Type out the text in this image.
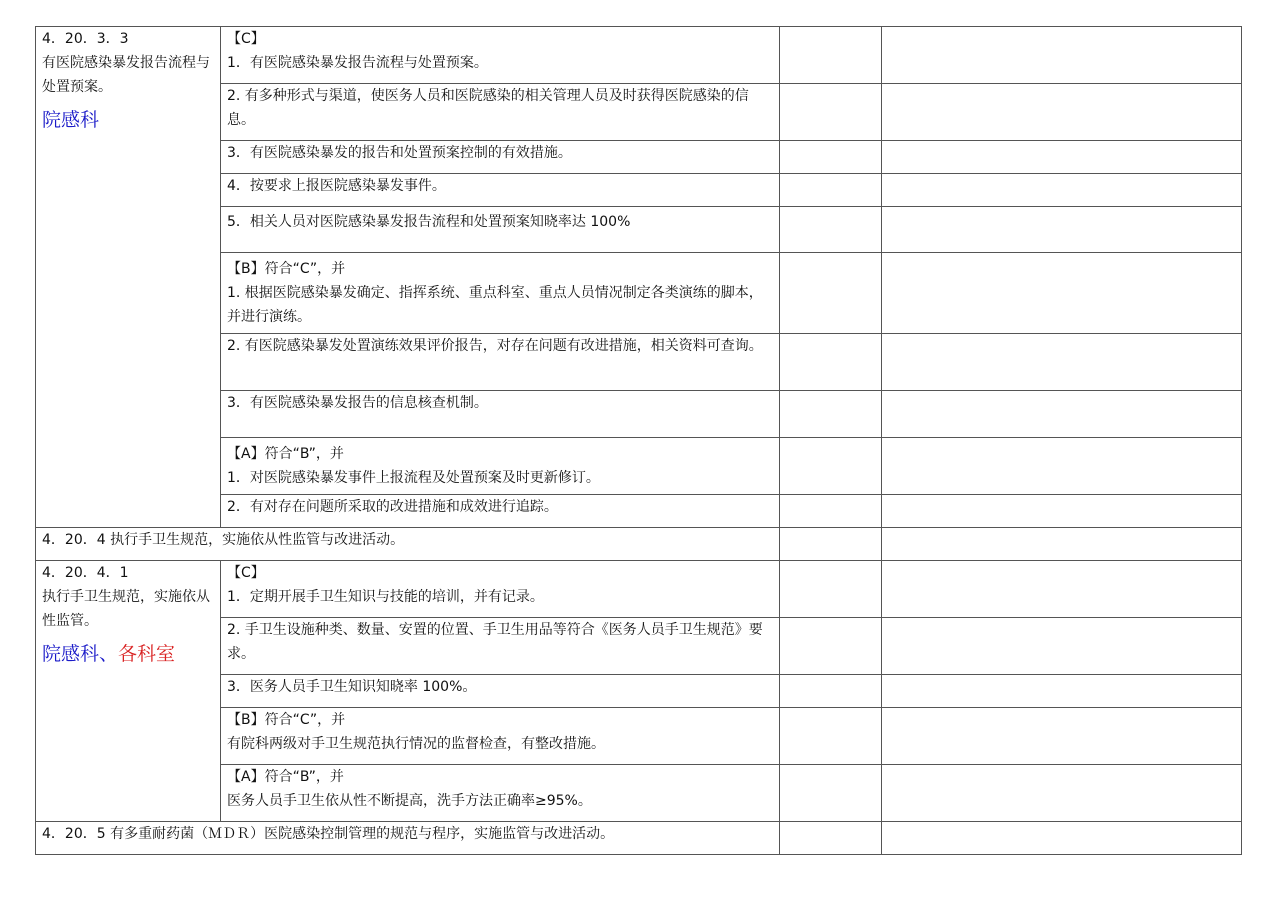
4．20．3．3
有医院感染暴发报告流程与处置预案。
院感科	【C】
1．有医院感染暴发报告流程与处置预案。		

	2. 有多种形式与渠道，使医务人员和医院感染的相关管理人员及时获得医院感染的信息。		

	3．有医院感染暴发的报告和处置预案控制的有效措施。		

	4．按要求上报医院感染暴发事件。		

	5．相关人员对医院感染暴发报告流程和处置预案知晓率达 100%		

	【B】符合“C”，并
1. 根据医院感染暴发确定、指挥系统、重点科室、重点人员情况制定各类演练的脚本，并进行演练。		

	2. 有医院感染暴发处置演练效果评价报告，对存在问题有改进措施，相关资料可查询。		

	3．有医院感染暴发报告的信息核查机制。		

	【A】符合“B”，并
1．对医院感染暴发事件上报流程及处置预案及时更新修订。		

	2．有对存在问题所采取的改进措施和成效进行追踪。		

4．20．4 执行手卫生规范，实施依从性监管与改进活动。			

4．20．4．1
执行手卫生规范，实施依从性监管。
院感科、各科室	【C】
1．定期开展手卫生知识与技能的培训，并有记录。		

	2. 手卫生设施种类、数量、安置的位置、手卫生用品等符合《医务人员手卫生规范》要求。		

	3．医务人员手卫生知识知晓率 100%。		

	【B】符合“C”，并
有院科两级对手卫生规范执行情况的监督检查，有整改措施。		

	【A】符合“B”，并
医务人员手卫生依从性不断提高，洗手方法正确率≥95%。		

4．20．5 有多重耐药菌（ＭＤＲ）医院感染控制管理的规范与程序，实施监管与改进活动。			
